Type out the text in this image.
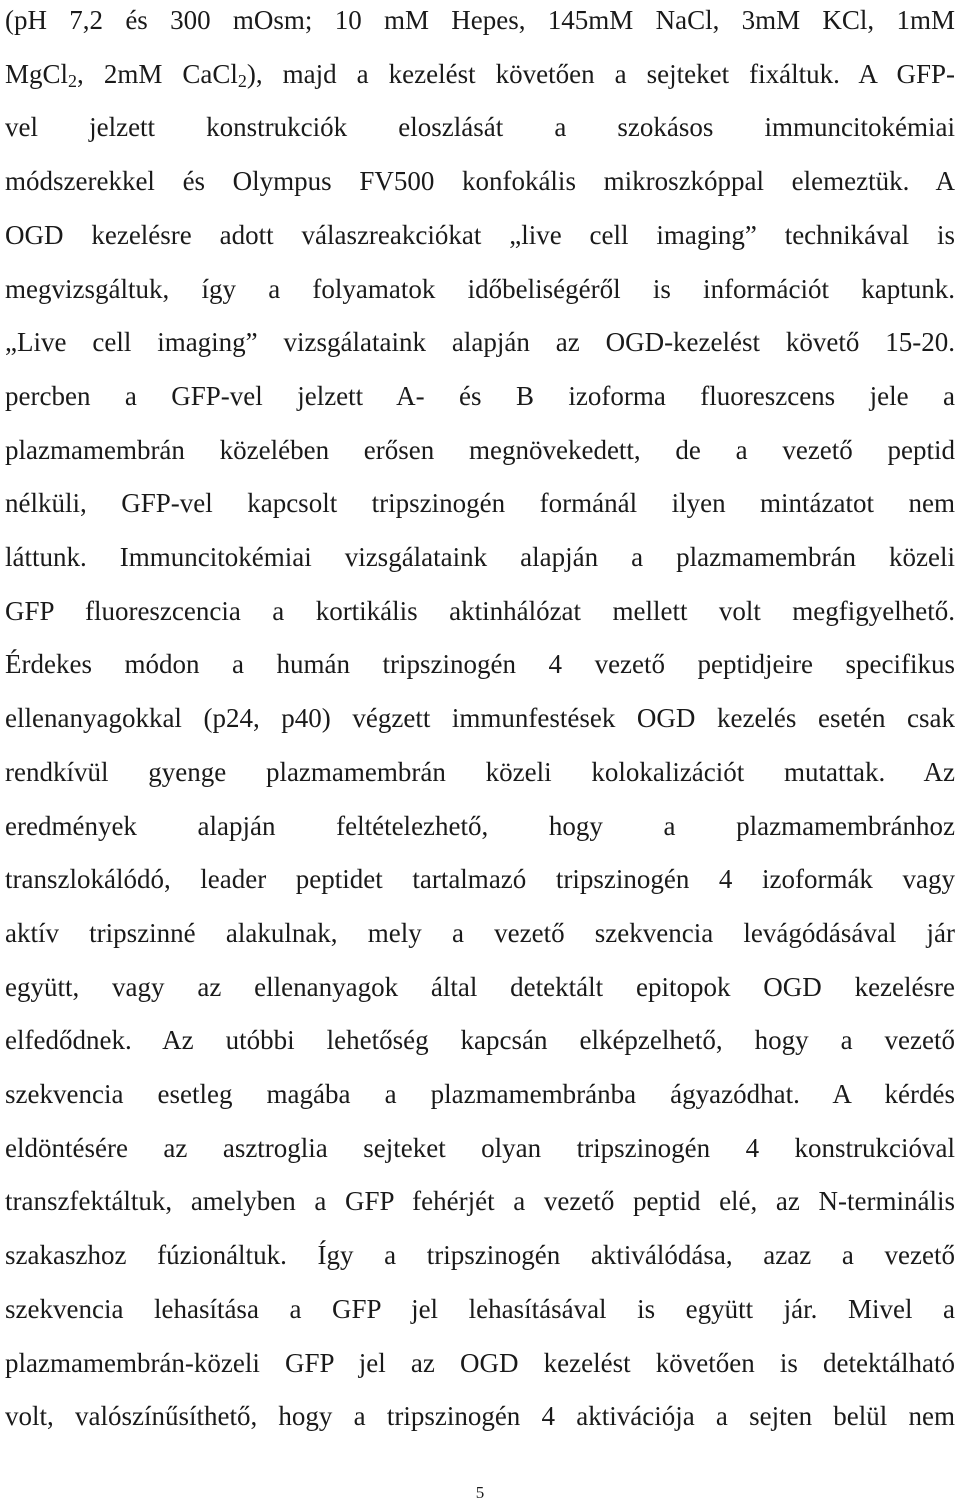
(pH 7,2 és 300 mOsm; 10 mM Hepes, 145mM NaCl, 3mM KCl, 1mM
MgCl$_2$, 2mM CaCl$_2$), majd a kezelést követően a sejteket fixáltuk. A GFP-
vel jelzett konstrukciók eloszlását a szokásos immuncitokémiai
módszerekkel és Olympus FV500 konfokális mikroszkóppal elemeztük. A
OGD kezelésre adott válaszreakciókat „live cell imaging” technikával is
megvizsgáltuk, így a folyamatok időbeliségéről is információt kaptunk.
„Live cell imaging” vizsgálataink alapján az OGD-kezelést követő 15-20.
percben a GFP-vel jelzett A- és B izoforma fluoreszcens jele a
plazmamembrán közelében erősen megnövekedett, de a vezető peptid
nélküli, GFP-vel kapcsolt tripszinogén formánál ilyen mintázatot nem
láttunk. Immuncitokémiai vizsgálataink alapján a plazmamembrán közeli
GFP fluoreszcencia a kortikális aktinhálózat mellett volt megfigyelhető.
Érdekes módon a humán tripszinogén 4 vezető peptidjeire specifikus
ellenanyagokkal (p24, p40) végzett immunfestések OGD kezelés esetén csak
rendkívül gyenge plazmamembrán közeli kolokalizációt mutattak. Az
eredmények alapján feltételezhető, hogy a plazmamembránhoz
transzlokálódó, leader peptidet tartalmazó tripszinogén 4 izoformák vagy
aktív tripszinné alakulnak, mely a vezető szekvencia levágódásával jár
együtt, vagy az ellenanyagok által detektált epitopok OGD kezelésre
elfedődnek. Az utóbbi lehetőség kapcsán elképzelhető, hogy a vezető
szekvencia esetleg magába a plazmamembránba ágyazódhat. A kérdés
eldöntésére az asztroglia sejteket olyan tripszinogén 4 konstrukcióval
transzfektáltuk, amelyben a GFP fehérjét a vezető peptid elé, az N-terminális
szakaszhoz fúzionáltuk. Így a tripszinogén aktiválódása, azaz a vezető
szekvencia lehasítása a GFP jel lehasításával is együtt jár. Mivel a
plazmamembrán-közeli GFP jel az OGD kezelést követően is detektálható
volt, valószínűsíthető, hogy a tripszinogén 4 aktivációja a sejten belül nem
5
